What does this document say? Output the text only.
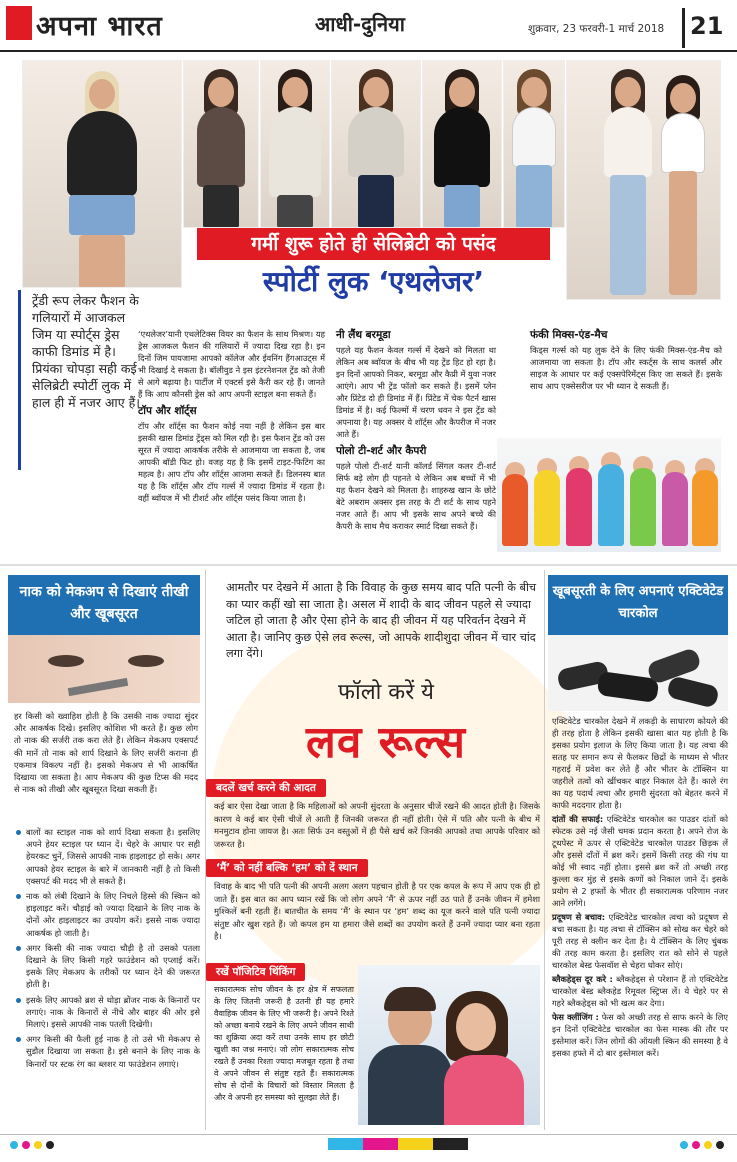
अपना भारत	आधी-दुनिया	शुक्रवार, 23 फरवरी-1 मार्च 2018 21
गर्मी शुरू होते ही सेलिब्रेटी को पसंद
स्पोर्टी लुक ‘एथलेजर’
ट्रेंडी रूप लेकर फैशन के गलियारों में आजकल जिम या स्पोर्ट्स ड्रेस काफी डिमांड में है। प्रियंका चोपड़ा सही कई सेलिब्रेटी स्पोर्टी लुक में हाल ही में नजर आए हैं।

‘एथलेजर’यानी एथलेटिक्स वियर का फैशन के साथ मिश्रण। यह ड्रेस आजकल फैशन की गलियारों में ज्यादा दिख रहा है। इन दिनों जिम पायजामा आपको कॉलेज और ईवनिंग हैंगआउट्स में भी दिखाई दे सकता है। बॉलीवुड ने इस इंटरनेशनल ट्रेंड को तेजी से आगे बढ़ाया है। पार्टीज में एक्टर्स इसे कैरी कर रहे हैं। जानते हैं कि आप कौनसी ड्रेस को आप अपनी स्टाइल बना सकते हैं।

टॉप और शॉर्ट्स

टॉप और शॉर्ट्स का फैशन कोई नया नहीं है लेकिन इस बार इसकी खास डिमांड ट्रेंड्स को मिल रही है। इस फैशन ट्रेंड को उस सूरत में ज्यादा आकर्षक तरीके से आजमाया जा सकता है, जब आपकी बॉडी फिट हो। वजह यह है कि इसमें टाइट-फिटिंग का महत्व है। आप टॉप और शॉर्ट्स आजमा सकते हैं। डिलनस्य बात यह है कि शॉर्ट्स और टॉप गर्ल्स में ज्यादा डिमांड में रहता है। वहीं ब्वॉयज में भी टीशर्ट और शॉर्ट्स पसंद किया जाता है।

नी लैंथ बरमूडा

पहले यह फैशन केवल गर्ल्स में देखने को मिलता था लेकिन अब ब्वॉयज के बीच भी यह ट्रेंड हिट हो रहा है। इन दिनों आपको निकर, बरमूडा और कैप्री में युवा नजर आएंगे। आप भी ट्रेंड फॉलो कर सकते हैं। इसमें प्लेन और प्रिंटेड दो ही डिमांड में हैं। प्रिंटेड में चेक पैटर्न खास डिमांड में है। कई फिल्मों में चरण धवन ने इस ट्रेंड को अपनाया है। यह अक्सर ये शॉर्ट्स और कैपरीज में नजर आते हैं।

पोलो टी-शर्ट और कैपरी

पहले पोलो टी-शर्ट यानी कॉलर्ड सिंगल कलर टी-शर्ट सिर्फ बड़े लोग ही पहनते थे लेकिन अब बच्चों में भी यह फैशन देखने को मिलता है। शाहरुख खान के छोटे बेटे अबराम अक्सर इस तरह के टी शर्ट के साथ पहने नजर आते हैं। आप भी इसके साथ अपने बच्चे की कैपरी के साथ मैच कराकर स्मार्ट दिखा सकते हैं।

फंकी मिक्स-एंड-मैच

किड्स गर्ल्स को यह लुक देने के लिए फंकी मिक्स-एंड-मैच को आजमाया जा सकता है। टॉप और स्कर्ट्स के साथ कलर्स और साइज के आधार पर कई एक्सपेरिमेंट्स किए जा सकते हैं। इसके साथ आप एक्सेसरीज पर भी ध्यान दे सकती हैं।

नाक को मेकअप से दिखाएं तीखी और खूबसूरत

हर किसी को ख्वाहिश होती है कि उसकी नाक ज्यादा सुंदर और आकर्षक दिखे। इसलिए कोशिश भी करते हैं। कुछ लोग तो नाक की सर्जरी तक करा लेते हैं। लेकिन मेकअप एक्सपर्ट की मानें तो नाक को शार्प दिखाने के लिए सर्जरी कराना ही एकमात्र विकल्प नहीं है। इसको मेकअप से भी आकर्षित दिखाया जा सकता है। आप मेकअप की कुछ टिप्स की मदद से नाक को तीखी और खूबसूरत दिखा सकती हैं।

बालों का स्टाइल नाक को शार्प दिखा सकता है। इसलिए अपने हेयर स्टाइल पर ध्यान दें। चेहरे के आधार पर सही हेयरकट चुनें, जिससे आपकी नाक हाइलाइट हो सके। अगर आपको हेयर स्टाइल के बारे में जानकारी नहीं है तो किसी एक्सपर्ट की मदद भी ले सकते हैं।
नाक को लंबी दिखाने के लिए निचले हिस्से की स्किन को हाइलाइट करें। चौड़ाई को ज्यादा दिखाने के लिए नाक के दोनों ओर हाइलाइटर का उपयोग करें। इससे नाक ज्यादा आकर्षक हो जाती है।
अगर किसी की नाक ज्यादा चौड़ी है तो उसको पतला दिखाने के लिए किसी गहरे फाउंडेशन को एप्लाई करें। इसके लिए मेकअप के तरीकों पर ध्यान देने की जरूरत होती है।
इसके लिए आपको ब्रश से थोड़ा ब्रोंजर नाक के किनारों पर लगाएं। नाक के किनारों से नीचे और बाहर की ओर इसे मिलाएं। इससे आपकी नाक पतली दिखेगी।
अगर किसी की फैली हुई नाक है तो उसे भी मेकअप से सुडौल दिखाया जा सकता है। इसे बनाने के लिए नाक के किनारों पर स्टक रंग का ब्लशर या फाउंडेशन लगाएं।
आमतौर पर देखने में आता है कि विवाह के कुछ समय बाद पति पत्नी के बीच का प्यार कहीं खो सा जाता है। असल में शादी के बाद जीवन पहले से ज्यादा जटिल हो जाता है और ऐसा होने के बाद ही जीवन में यह परिवर्तन देखने में आता है। जानिए कुछ ऐसे लव रूल्स, जो आपके शादीशुदा जीवन में चार चांद लगा देंगे।
फॉलो करें ये
लव रूल्स
बदलें खर्च करने की आदत

कई बार ऐसा देखा जाता है कि महिलाओं को अपनी सुंदरता के अनुसार चीजें रखने की आदत होती है। जिसके कारण वे कई बार ऐसी चीजें ले आती हैं जिनकी जरूरत ही नहीं होती। ऐसे में पति और पत्नी के बीच में मनमुटाव होना जायज है। अतः सिर्फ उन वस्तुओं में ही पैसे खर्च करें जिनकी आपको तथा आपके परिवार को जरूरत है।

‘मैं’ को नहीं बल्कि ‘हम’ को दें स्थान

विवाह के बाद भी पति पत्नी की अपनी अलग अलग पहचान होती है पर एक कपल के रूप में आप एक ही हो जाते हैं। इस बात का आप ध्यान रखें कि जो लोग अपने ‘मैं’ से ऊपर नहीं उठ पाते हैं उनके जीवन में हमेशा मुश्किलें बनी रहती हैं। बातचीत के समय ‘मैं’ के स्थान पर ‘हम’ शब्द का यूज करने वाले पति पत्नी ज्यादा संतुष्ट और खुश रहते हैं। जो कपल हम या हमारा जैसे शब्दों का उपयोग करते हैं उनमें ज्यादा प्यार बना रहता है।

रखें पॉजिटिव थिंकिंग

सकारात्मक सोच जीवन के हर क्षेत्र में सफलता के लिए जितनी जरूरी है उतनी ही यह हमारे वैवाहिक जीवन के लिए भी जरूरी है। अपने रिश्ते को अच्छा बनाये रखने के लिए अपने जीवन साथी का शुक्रिया अदा करें तथा उनके साथ हर छोटी खुशी का जश्न मनाएं। जो लोग सकारात्मक सोच रखते हैं उनका रिश्ता ज्यादा मजबूत रहता है तथा वे अपने जीवन से संतुष्ट रहते हैं। सकारात्मक सोच से दोनों के विचारों को विस्तार मिलता है और वे अपनी हर समस्या को सुलझा लेते हैं।

खूबसूरती के लिए अपनाएं एक्टिवेटेड चारकोल

एक्टिवेटेड चारकोल देखने में लकड़ी के साधारण कोयले की ही तरह होता है लेकिन इसकी खासा बात यह होती है कि इसका प्रयोग इलाज के लिए किया जाता है। यह त्वचा की सतह पर समान रूप से फैलकर छिद्रों के माध्यम से भीतर गहराई में प्रवेश कर लेते हैं और भीतर के टॉक्सिन या जहरीले तत्वों को खींचकर बाहर निकाल देते हैं। काले रंग का यह पदार्थ त्वचा और हमारी सुंदरता को बेहतर करने में काफी मददगार होता है।

दांतों की सफाई: एक्टिवेटेड चारकोल का पाउडर दांतों को स्फेटक उसे नई जैसी चमक प्रदान करता है। अपने रोज के टूथपेस्ट में ऊपर से एक्टिवेटेड चारकोल पाउडर छिड़क लें और इससे दाँतों में ब्रश करें। इसमें किसी तरह की गंध या कोई भी स्वाद नहीं होता। इससे ब्रश करें तो अच्छी तरह कुल्ला कर मुंह से इसके कणों को निकाल जाने दें। इसके प्रयोग से 2 हफ्तों के भीतर ही सकारात्मक परिणाम नजर आने लगेंगे।

प्रदूषण से बचाव: एक्टिवेटेड चारकोल त्वचा को प्रदूषण से बचा सकता है। यह त्वचा से टॉक्सिन को सोख कर चेहरे को पूरी तरह से क्लीन कर देता है। ये टॉक्सिन के लिए चुंबक की तरह काम करता है। इसलिए रात को सोने से पहले चारकोल बेस्ड फेसवॉश से चेहरा धोकर सोएं।

ब्लैकहेड्स दूर करे : ब्लैकहेड्स से परेशान हैं तो एक्टिवेटेड चारकोल बेस्ड ब्लैकहेड रिमूवल स्ट्रिप्स लें। ये चेहरे पर से गहरे ब्लैकहेड्स को भी खत्म कर देगा।

फेस क्लींजिंग : फेस को अच्छी तरह से साफ करने के लिए इन दिनों एक्टिवेटेड चारकोल का फेस मास्क की तौर पर इस्तेमाल करें। जिन लोगों की ऑयली स्किन की समस्या है वे इसका हफ्ते में दो बार इस्तेमाल करें।
